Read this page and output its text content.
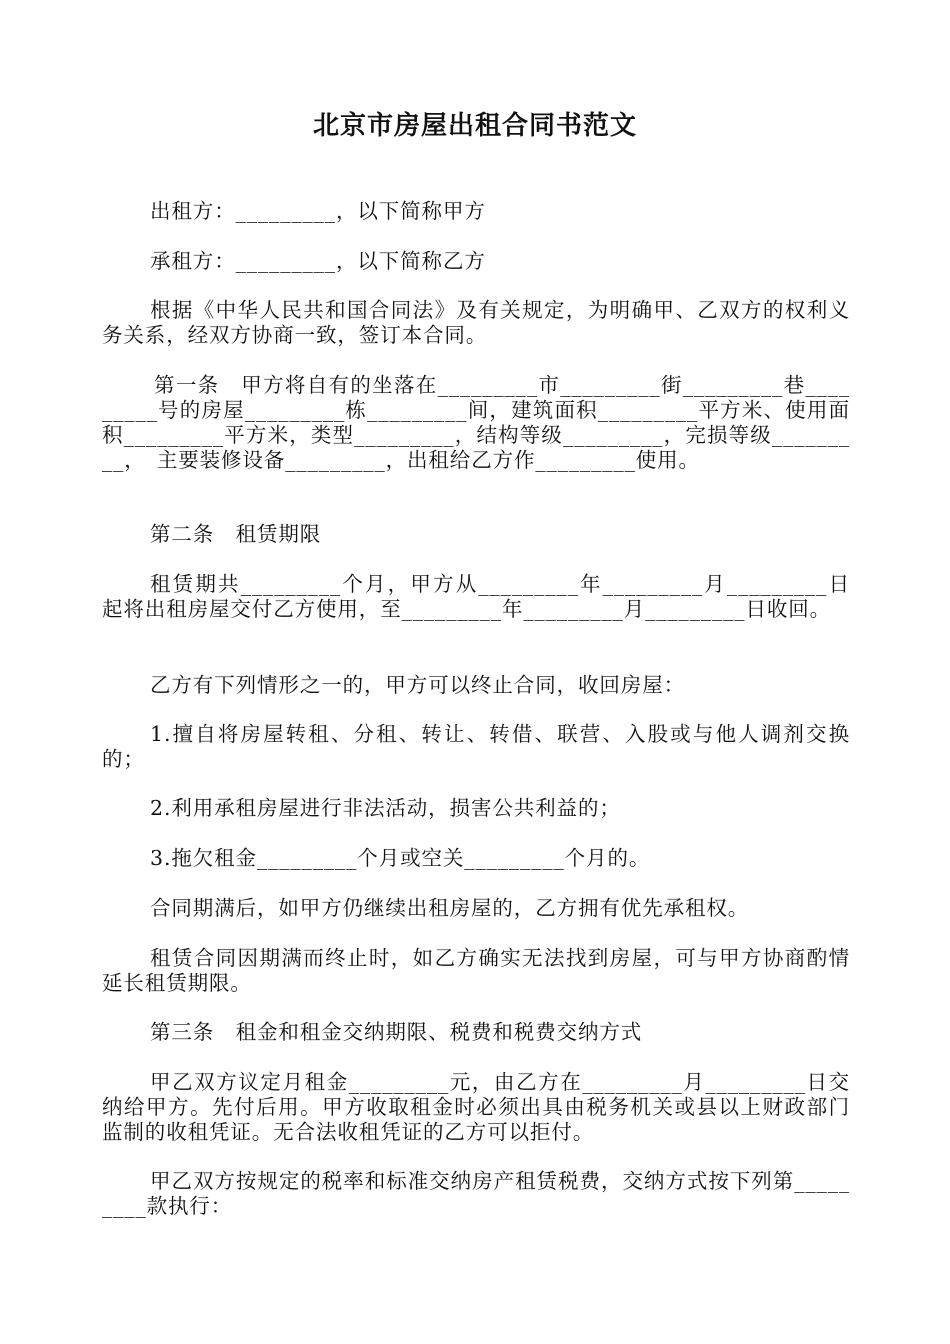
北京市房屋出租合同书范文

出租方：_________，以下简称甲方

承租方：_________，以下简称乙方

根据《中华人民共和国合同法》及有关规定，为明确甲、乙双方的权利义务关系，经双方协商一致，签订本合同。

第一条　甲方将自有的坐落在_________市_________街_________巷_________号的房屋_________栋_________间，建筑面积_________平方米、使用面积_________平方米，类型_________，结构等级_________，完损等级_________，　主要装修设备_________，出租给乙方作_________使用。

第二条　租赁期限

租赁期共_________个月，甲方从_________年_________月_________日起将出租房屋交付乙方使用，至_________年_________月_________日收回。

乙方有下列情形之一的，甲方可以终止合同，收回房屋：

1.擅自将房屋转租、分租、转让、转借、联营、入股或与他人调剂交换的；

2.利用承租房屋进行非法活动，损害公共利益的；

3.拖欠租金_________个月或空关_________个月的。

合同期满后，如甲方仍继续出租房屋的，乙方拥有优先承租权。

租赁合同因期满而终止时，如乙方确实无法找到房屋，可与甲方协商酌情延长租赁期限。

第三条　租金和租金交纳期限、税费和税费交纳方式

甲乙双方议定月租金_________元，由乙方在_________月_________日交纳给甲方。先付后用。甲方收取租金时必须出具由税务机关或县以上财政部门监制的收租凭证。无合法收租凭证的乙方可以拒付。

甲乙双方按规定的税率和标准交纳房产租赁税费，交纳方式按下列第_________款执行：
